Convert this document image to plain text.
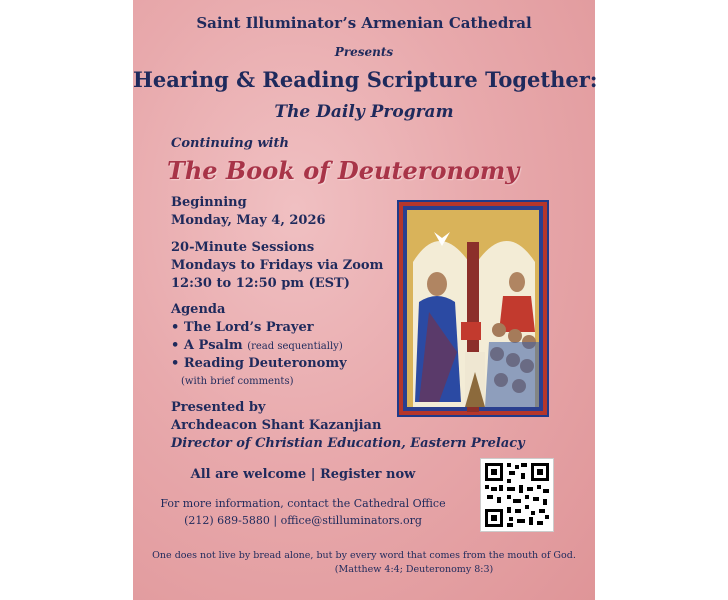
Saint Illuminator’s Armenian Cathedral
Presents
Hearing & Reading Scripture Together:
The Daily Program
Continuing with
The Book of Deuteronomy
Beginning
Monday, May 4, 2026
20-Minute Sessions
Mondays to Fridays via Zoom
12:30 to 12:50 pm (EST)
Agenda
• The Lord’s Prayer
• A Psalm (read sequentially)
• Reading Deuteronomy
(with brief comments)
Presented by
Archdeacon Shant Kazanjian
Director of Christian Education, Eastern Prelacy
All are welcome | Register now
For more information, contact the Cathedral Office
(212) 689-5880 | office@stilluminators.org
One does not live by bread alone, but by every word that comes from the mouth of God.
(Matthew 4:4; Deuteronomy 8:3)
